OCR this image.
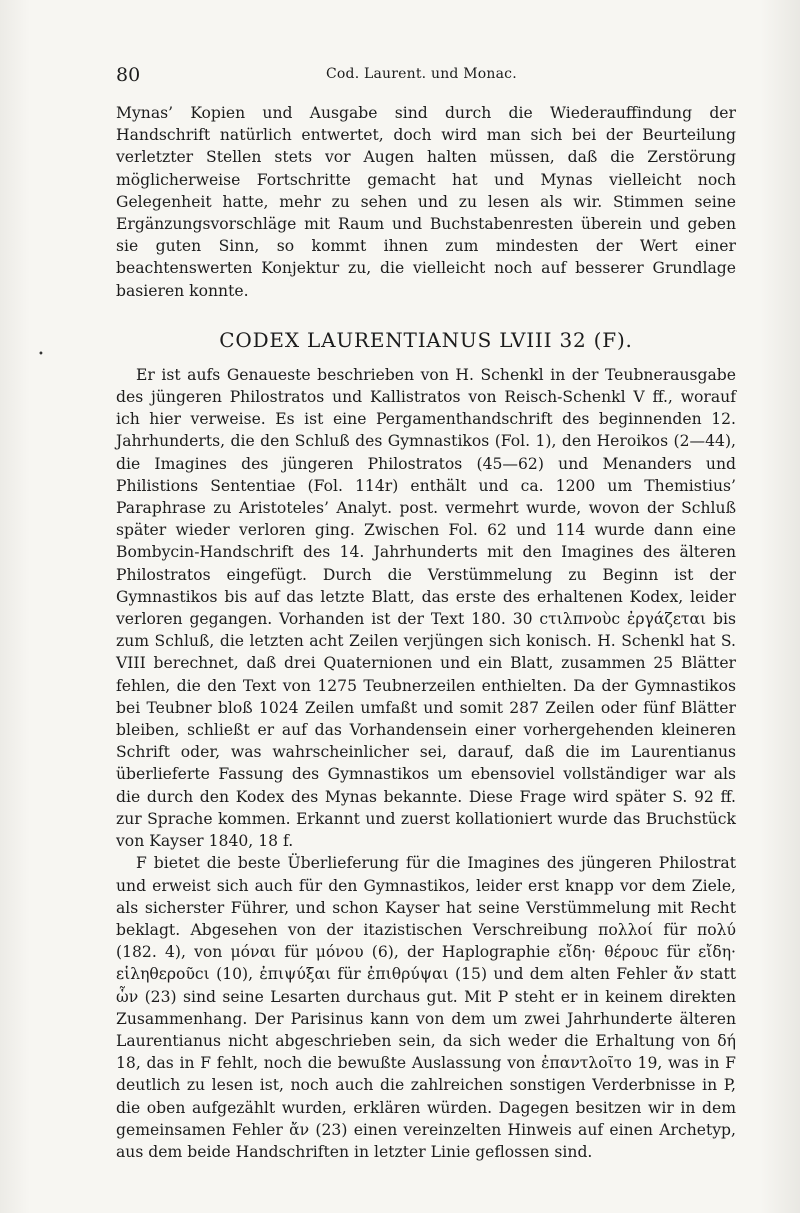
80	Cod. Laurent. und Monac.
•

Mynas’ Kopien und Ausgabe sind durch die Wiederauffindung der Handschrift natürlich entwertet, doch wird man sich bei der Beurteilung verletzter Stellen stets vor Augen halten müssen, daß die Zerstörung möglicherweise Fortschritte gemacht hat und Mynas vielleicht noch Gelegenheit hatte, mehr zu sehen und zu lesen als wir. Stimmen seine Ergänzungsvorschläge mit Raum und Buchstabenresten überein und geben sie guten Sinn, so kommt ihnen zum mindesten der Wert einer beachtenswerten Konjektur zu, die vielleicht noch auf besserer Grundlage basieren konnte.

CODEX LAURENTIANUS LVIII 32 (F).

Er ist aufs Genaueste beschrieben von H. Schenkl in der Teubnerausgabe des jüngeren Philostratos und Kallistratos von Reisch-Schenkl V ff., worauf ich hier verweise. Es ist eine Pergamenthandschrift des beginnenden 12. Jahrhunderts, die den Schluß des Gymnastikos (Fol. 1), den Heroikos (2—44), die Imagines des jüngeren Philostratos (45—62) und Menanders und Philistions Sententiae (Fol. 114r) enthält und ca. 1200 um Themistius’ Paraphrase zu Aristoteles’ Analyt. post. vermehrt wurde, wovon der Schluß später wieder verloren ging. Zwischen Fol. 62 und 114 wurde dann eine Bombycin-Handschrift des 14. Jahrhunderts mit den Imagines des älteren Philostratos eingefügt. Durch die Verstümmelung zu Beginn ist der Gymnastikos bis auf das letzte Blatt, das erste des erhaltenen Kodex, leider verloren gegangen. Vorhanden ist der Text 180. 30 ϲτιλπνοὺϲ ἐργάζεται bis zum Schluß, die letzten acht Zeilen verjüngen sich konisch. H. Schenkl hat S. VIII berechnet, daß drei Quaternionen und ein Blatt, zusammen 25 Blätter fehlen, die den Text von 1275 Teubnerzeilen enthielten. Da der Gymnastikos bei Teubner bloß 1024 Zeilen umfaßt und somit 287 Zeilen oder fünf Blätter bleiben, schließt er auf das Vorhandensein einer vorhergehenden kleineren Schrift oder, was wahrscheinlicher sei, darauf, daß die im Laurentianus überlieferte Fassung des Gymnastikos um ebensoviel vollständiger war als die durch den Kodex des Mynas bekannte. Diese Frage wird später S. 92 ff. zur Sprache kommen. Erkannt und zuerst kollationiert wurde das Bruchstück von Kayser 1840, 18 f.

F bietet die beste Überlieferung für die Imagines des jüngeren Philostrat und erweist sich auch für den Gymnastikos, leider erst knapp vor dem Ziele, als sicherster Führer, und schon Kayser hat seine Verstümmelung mit Recht beklagt. Abgesehen von der itazistischen Verschreibung πολλοί für πολύ (182. 4), von μόναι für μόνου (6), der Haplographie εἴδη· θέρουϲ für εἴδη· εἱληθεροῦϲι (10), ἐπιψύξαι für ἐπιθρύψαι (15) und dem alten Fehler ἄν statt ὧν (23) sind seine Lesarten durchaus gut. Mit P steht er in keinem direkten Zusammenhang. Der Parisinus kann von dem um zwei Jahrhunderte älteren Laurentianus nicht abgeschrieben sein, da sich weder die Erhaltung von δή 18, das in F fehlt, noch die bewußte Auslassung von ἐπαντλοῖτο 19, was in F deutlich zu lesen ist, noch auch die zahlreichen sonstigen Verderbnisse in P, die oben aufgezählt wurden, erklären würden. Dagegen besitzen wir in dem gemeinsamen Fehler ἄν (23) einen vereinzelten Hinweis auf einen Archetyp, aus dem beide Handschriften in letzter Linie geflossen sind.
